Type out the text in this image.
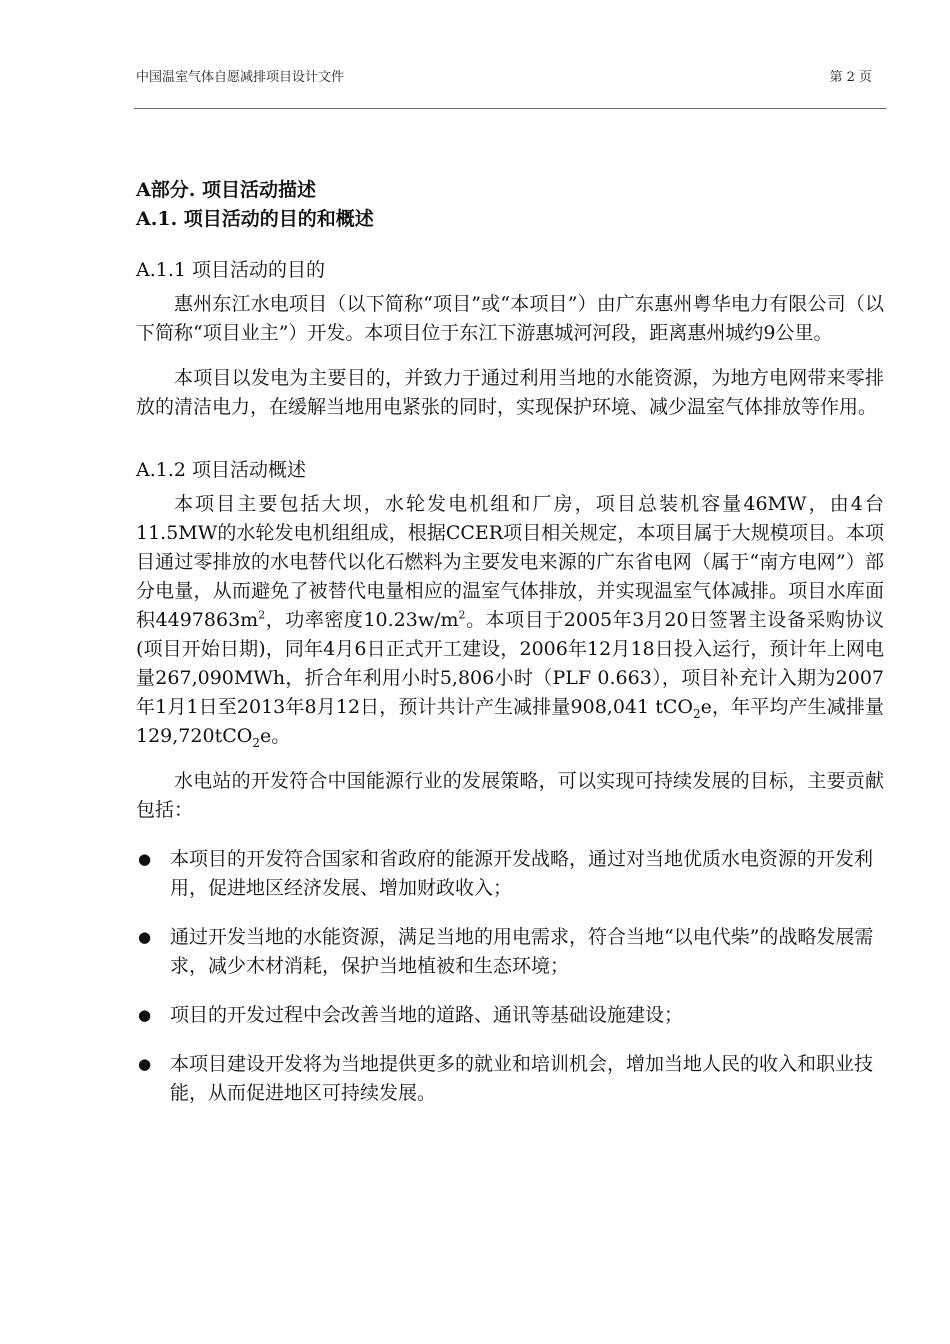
中国温室气体自愿减排项目设计文件	第 2 页

A部分. 项目活动描述

A.1. 项目活动的目的和概述

A.1.1 项目活动的目的

惠州东江水电项目（以下简称“项目”或“本项目”）由广东惠州粤华电力有限公司（以下简称“项目业主”）开发。本项目位于东江下游惠城河河段，距离惠州城约9公里。

本项目以发电为主要目的，并致力于通过利用当地的水能资源，为地方电网带来零排放的清洁电力，在缓解当地用电紧张的同时，实现保护环境、减少温室气体排放等作用。

A.1.2 项目活动概述

本项目主要包括大坝，水轮发电机组和厂房，项目总装机容量46MW，由4台11.5MW的水轮发电机组组成，根据CCER项目相关规定，本项目属于大规模项目。本项目通过零排放的水电替代以化石燃料为主要发电来源的广东省电网（属于“南方电网”）部分电量，从而避免了被替代电量相应的温室气体排放，并实现温室气体减排。项目水库面积$4497863m^2$，功率密度$10.23w/m^2$。本项目于2005年3月20日签署主设备采购协议(项目开始日期)，同年4月6日正式开工建设，2006年12月18日投入运行，预计年上网电量267,090MWh，折合年利用小时5,806小时（PLF 0.663），项目补充计入期为2007年1月1日至2013年8月12日，预计共计产生减排量908,041 tCO$_2$e，年平均产生减排量129,720tCO$_2$e。

水电站的开发符合中国能源行业的发展策略，可以实现可持续发展的目标，主要贡献包括：

● 本项目的开发符合国家和省政府的能源开发战略，通过对当地优质水电资源的开发利用，促进地区经济发展、增加财政收入；
● 通过开发当地的水能资源，满足当地的用电需求，符合当地“以电代柴”的战略发展需求，减少木材消耗，保护当地植被和生态环境；
● 项目的开发过程中会改善当地的道路、通讯等基础设施建设；
● 本项目建设开发将为当地提供更多的就业和培训机会，增加当地人民的收入和职业技能，从而促进地区可持续发展。
